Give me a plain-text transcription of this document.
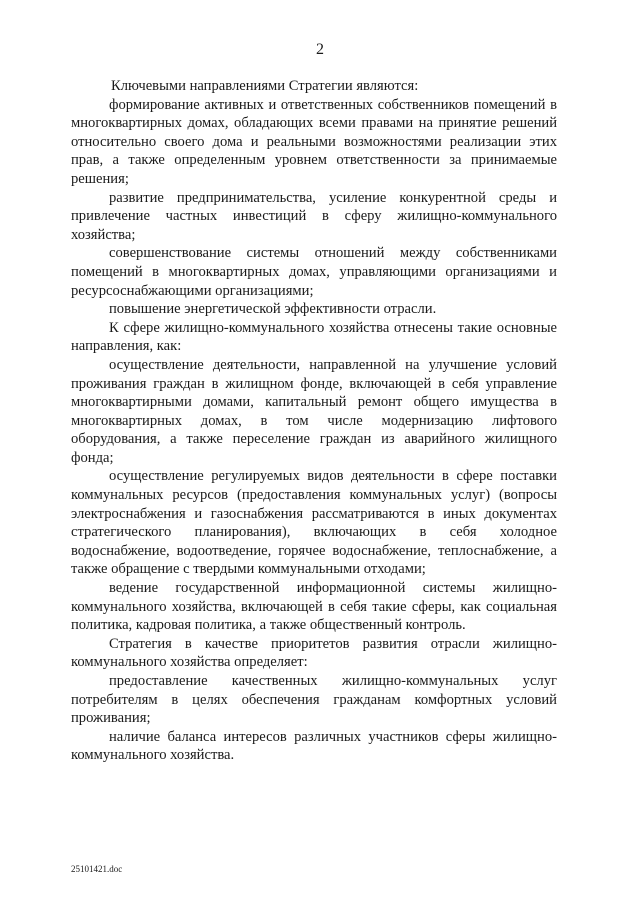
2

Ключевыми направлениями Стратегии являются:

формирование активных и ответственных собственников помещений в многоквартирных домах, обладающих всеми правами на принятие решений относительно своего дома и реальными возможностями реализации этих прав, а также определенным уровнем ответственности за принимаемые решения;

развитие предпринимательства, усиление конкурентной среды и привлечение частных инвестиций в сферу жилищно-коммунального хозяйства;

совершенствование системы отношений между собственниками помещений в многоквартирных домах, управляющими организациями и ресурсоснабжающими организациями;

повышение энергетической эффективности отрасли.

К сфере жилищно-коммунального хозяйства отнесены такие основные направления, как:

осуществление деятельности, направленной на улучшение условий проживания граждан в жилищном фонде, включающей в себя управление многоквартирными домами, капитальный ремонт общего имущества в многоквартирных домах, в том числе модернизацию лифтового оборудования, а также переселение граждан из аварийного жилищного фонда;

осуществление регулируемых видов деятельности в сфере поставки коммунальных ресурсов (предоставления коммунальных услуг) (вопросы электроснабжения и газоснабжения рассматриваются в иных документах стратегического планирования), включающих в себя холодное водоснабжение, водоотведение, горячее водоснабжение, теплоснабжение, а также обращение с твердыми коммунальными отходами;

ведение государственной информационной системы жилищно-коммунального хозяйства, включающей в себя такие сферы, как социальная политика, кадровая политика, а также общественный контроль.

Стратегия в качестве приоритетов развития отрасли жилищно-коммунального хозяйства определяет:

предоставление качественных жилищно-коммунальных услуг потребителям в целях обеспечения гражданам комфортных условий проживания;

наличие баланса интересов различных участников сферы жилищно-коммунального хозяйства.

25101421.doc
